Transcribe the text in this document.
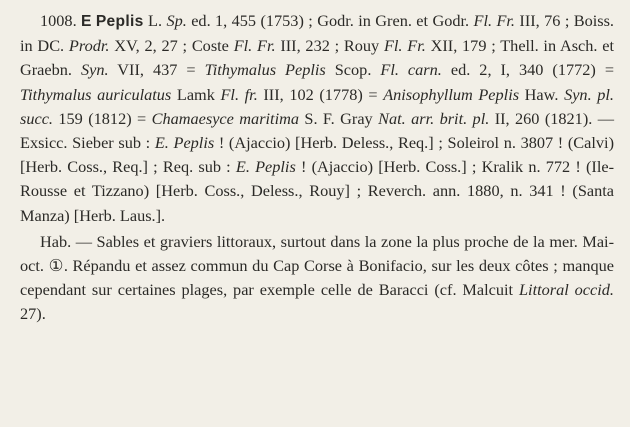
1008. E Peplis L. Sp. ed. 1, 455 (1753) ; Godr. in Gren. et Godr. Fl. Fr. III, 76 ; Boiss. in DC. Prodr. XV, 2, 27 ; Coste Fl. Fr. III, 232 ; Rouy Fl. Fr. XII, 179 ; Thell. in Asch. et Graebn. Syn. VII, 437 = Tithymalus Peplis Scop. Fl. carn. ed. 2, I, 340 (1772) = Tithymalus auriculatus Lamk Fl. fr. III, 102 (1778) = Anisophyllum Peplis Haw. Syn. pl. succ. 159 (1812) = Chamaesyce maritima S. F. Gray Nat. arr. brit. pl. II, 260 (1821). — Exsicc. Sieber sub : E. Peplis ! (Ajaccio) [Herb. Deless., Req.] ; Soleirol n. 3807 ! (Calvi) [Herb. Coss., Req.] ; Req. sub : E. Peplis ! (Ajaccio) [Herb. Coss.] ; Kralik n. 772 ! (Ile-Rousse et Tizzano) [Herb. Coss., Deless., Rouy] ; Reverch. ann. 1880, n. 341 ! (Santa Manza) [Herb. Laus.].

Hab. — Sables et graviers littoraux, surtout dans la zone la plus proche de la mer. Mai-oct. ①. Répandu et assez commun du Cap Corse à Bonifacio, sur les deux côtes ; manque cependant sur certaines plages, par exemple celle de Baracci (cf. Malcuit Littoral occid. 27).
